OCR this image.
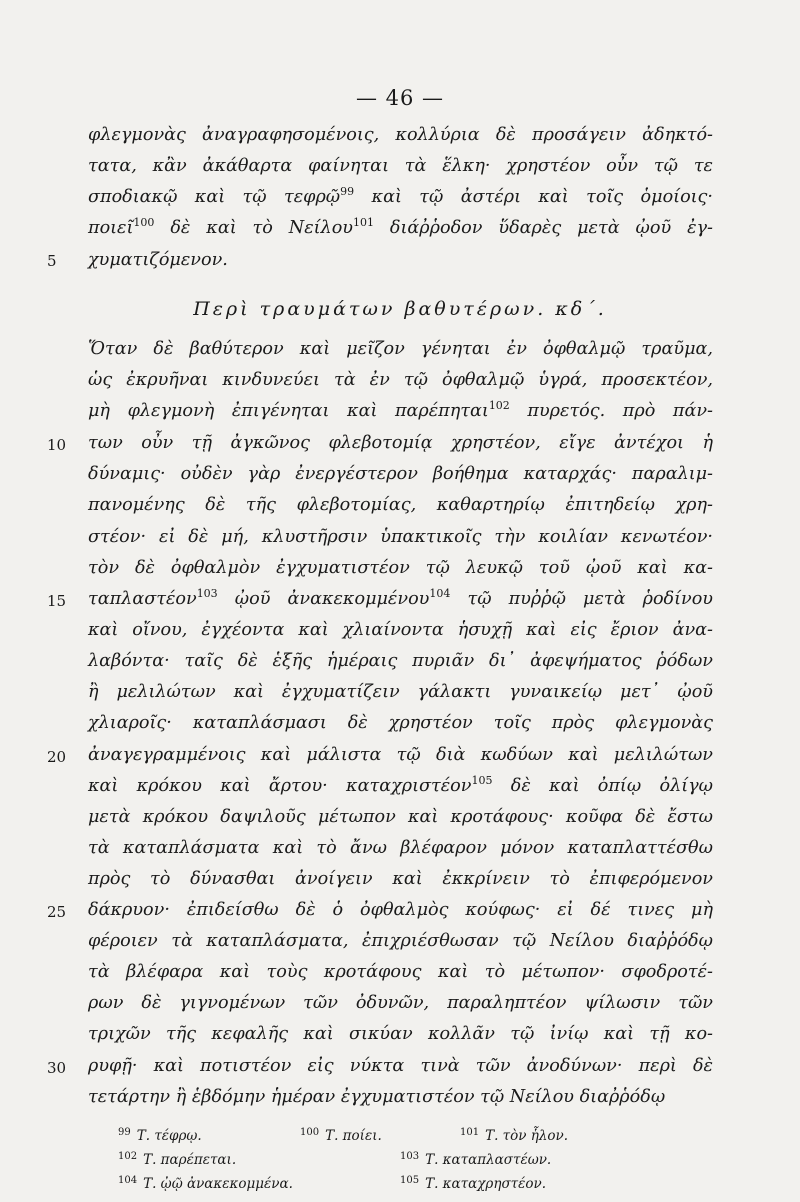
— 46 —
φλεγμονὰς ἀναγραφησομένοις, κολλύρια δὲ προσάγειν ἀδηκτό-
τατα, κἂν ἀκάθαρτα φαίνηται τὰ ἕλκη· χρηστέον οὖν τῷ τε
σποδιακῷ καὶ τῷ τεφρῷ$^{99}$ καὶ τῷ ἀστέρι καὶ τοῖς ὁμοίοις·
ποιεῖ$^{100}$ δὲ καὶ τὸ Νείλου$^{101}$ διάῤῥοδον ὕδαρὲς μετὰ ᾠοῦ ἐγ-
5 χυματιζόμενον.
Περὶ τραυμάτων βαθυτέρων. κδ΄.
Ὅταν δὲ βαθύτερον καὶ μεῖζον γένηται ἐν ὀφθαλμῷ τραῦμα,
ὡς ἐκρυῆναι κινδυνεύει τὰ ἐν τῷ ὀφθαλμῷ ὑγρά, προσεκτέον,
μὴ φλεγμονὴ ἐπιγένηται καὶ παρέπηται$^{102}$ πυρετός. πρὸ πάν-
10 των οὖν τῇ ἀγκῶνος φλεβοτομίᾳ χρηστέον, εἴγε ἀντέχοι ἡ
δύναμις· οὐδὲν γὰρ ἐνεργέστερον βοήθημα καταρχάς· παραλιμ-
πανομένης δὲ τῆς φλεβοτομίας, καθαρτηρίῳ ἐπιτηδείῳ χρη-
στέον· εἰ δὲ μή, κλυστῆρσιν ὑπακτικοῖς τὴν κοιλίαν κενωτέον·
τὸν δὲ ὀφθαλμὸν ἐγχυματιστέον τῷ λευκῷ τοῦ ᾠοῦ καὶ κα-
15 ταπλαστέον$^{103}$ ᾠοῦ ἀνακεκομμένου$^{104}$ τῷ πυῤῥῷ μετὰ ῥοδίνου
καὶ οἴνου, ἐγχέοντα καὶ χλιαίνοντα ἡσυχῇ καὶ εἰς ἔριον ἀνα-
λαβόντα· ταῖς δὲ ἑξῆς ἡμέραις πυριᾶν δι᾽ ἀφεψήματος ῥόδων
ἢ μελιλώτων καὶ ἐγχυματίζειν γάλακτι γυναικείῳ μετ᾽ ᾠοῦ
χλιαροῖς· καταπλάσμασι δὲ χρηστέον τοῖς πρὸς φλεγμονὰς
20 ἀναγεγραμμένοις καὶ μάλιστα τῷ διὰ κωδύων καὶ μελιλώτων
καὶ κρόκου καὶ ἄρτου· καταχριστέον$^{105}$ δὲ καὶ ὀπίῳ ὀλίγῳ
μετὰ κρόκου δαψιλοῦς μέτωπον καὶ κροτάφους· κοῦφα δὲ ἔστω
τὰ καταπλάσματα καὶ τὸ ἄνω βλέφαρον μόνον καταπλαττέσθω
πρὸς τὸ δύνασθαι ἀνοίγειν καὶ ἐκκρίνειν τὸ ἐπιφερόμενον
25 δάκρυον· ἐπιδείσθω δὲ ὁ ὀφθαλμὸς κούφως· εἰ δέ τινες μὴ
φέροιεν τὰ καταπλάσματα, ἐπιχριέσθωσαν τῷ Νείλου διαῤῥόδῳ
τὰ βλέφαρα καὶ τοὺς κροτάφους καὶ τὸ μέτωπον· σφοδροτέ-
ρων δὲ γιγνομένων τῶν ὀδυνῶν, παραληπτέον ψίλωσιν τῶν
τριχῶν τῆς κεφαλῆς καὶ σικύαν κολλᾶν τῷ ἰνίῳ καὶ τῇ κο-
30 ρυφῇ· καὶ ποτιστέον εἰς νύκτα τινὰ τῶν ἀνοδύνων· περὶ δὲ
τετάρτην ἢ ἑβδόμην ἡμέραν ἐγχυματιστέον τῷ Νείλου διαῤῥόδῳ
$^{99}$ Τ. τέφρῳ.	$^{100}$ Τ. ποίει.	$^{101}$ Τ. τὸν ἧλον.
$^{102}$ Τ. παρέπεται.	$^{103}$ Τ. καταπλαστέων.
$^{104}$ Τ. ᾠῷ ἀνακεκομμένα.	$^{105}$ Τ. καταχρηστέον.
